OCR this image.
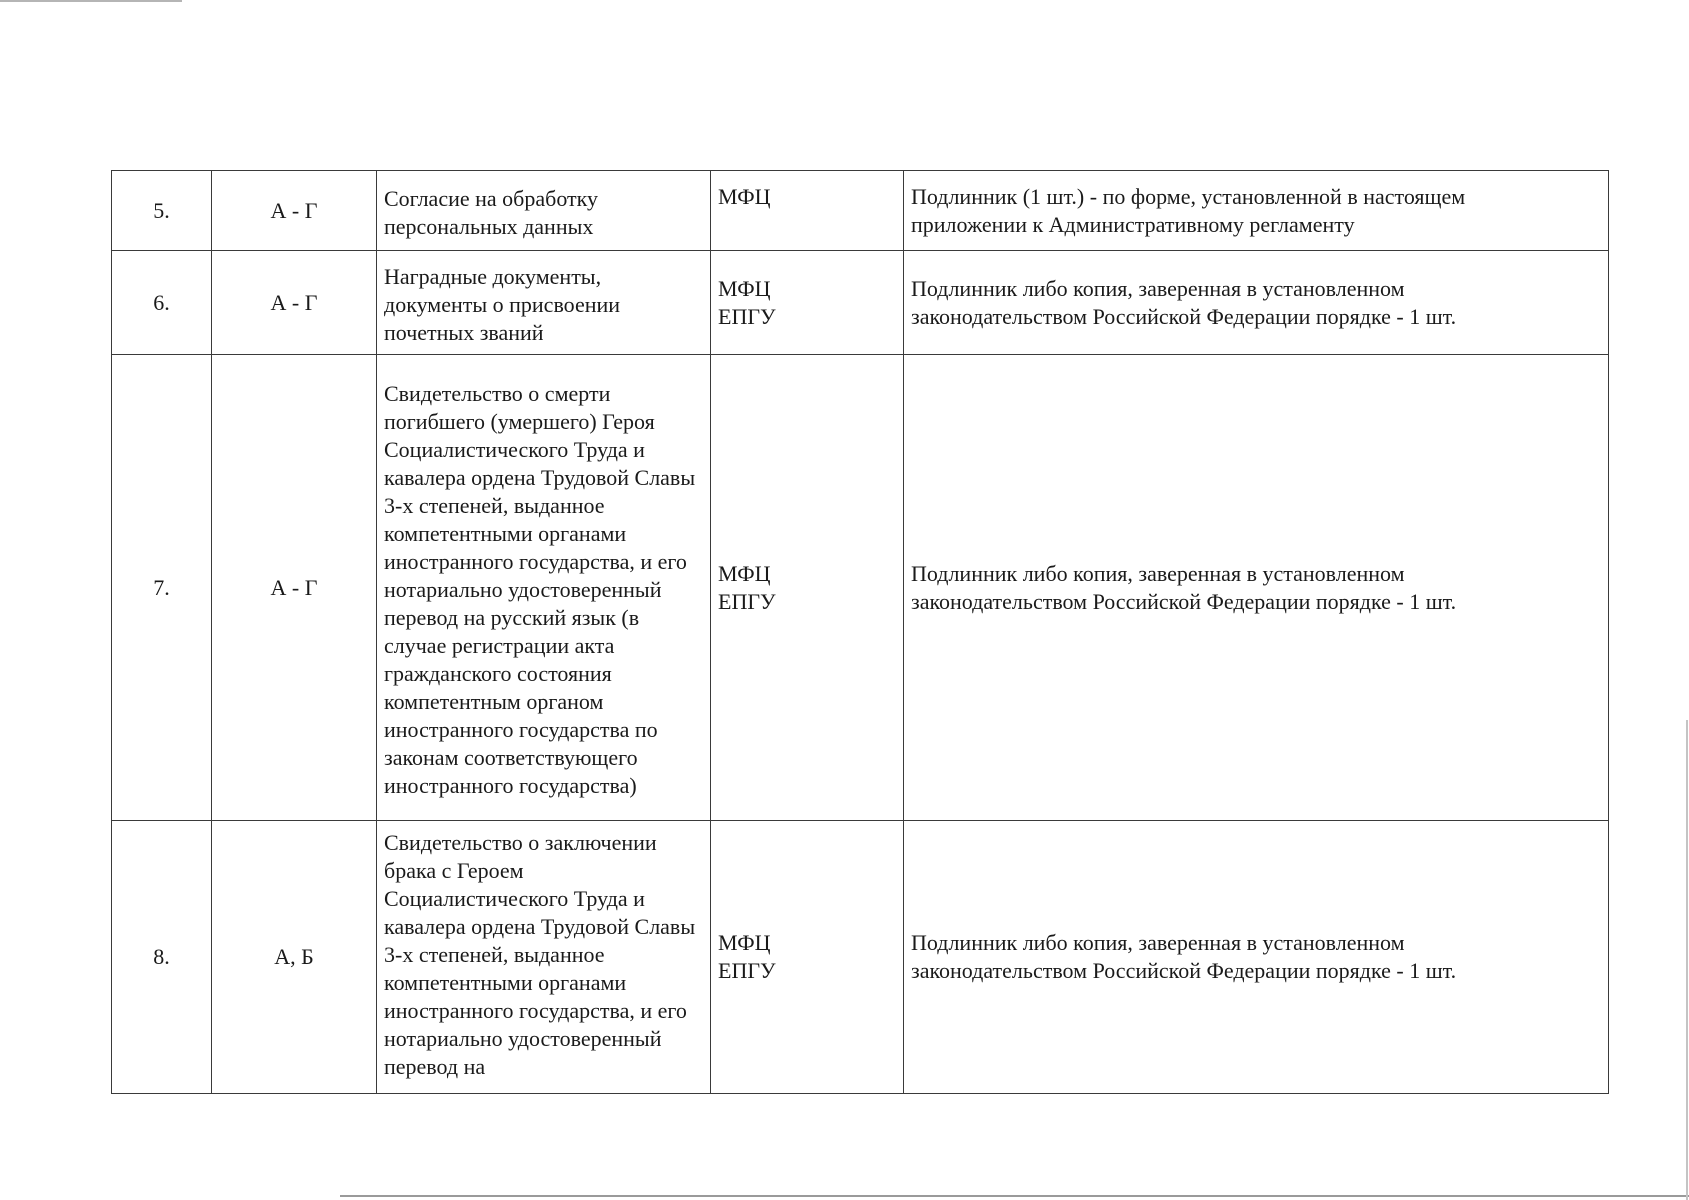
5.	А - Г	Согласие на обработку персональных данных	МФЦ	Подлинник (1 шт.) - по форме, установленной в настоящем
приложении к Административному регламенту

6.	А - Г	Наградные документы, документы о присвоении почетных званий	МФЦ
ЕПГУ	Подлинник либо копия, заверенная в установленном
законодательством Российской Федерации порядке - 1 шт.

7.	А - Г	Свидетельство о смерти погибшего (умершего) Героя Социалистического Труда и кавалера ордена Трудовой Славы 3-х степеней, выданное компетентными органами иностранного государства, и его нотариально удостоверенный перевод на русский язык (в случае регистрации акта гражданского состояния компетентным органом иностранного государства по законам соответствующего иностранного государства)	МФЦ
ЕПГУ	Подлинник либо копия, заверенная в установленном
законодательством Российской Федерации порядке - 1 шт.

8.	А, Б	Свидетельство о заключении брака с Героем Социалистического Труда и кавалера ордена Трудовой Славы 3-х степеней, выданное компетентными органами иностранного государства, и его нотариально удостоверенный перевод на	МФЦ
ЕПГУ	Подлинник либо копия, заверенная в установленном
законодательством Российской Федерации порядке - 1 шт.
